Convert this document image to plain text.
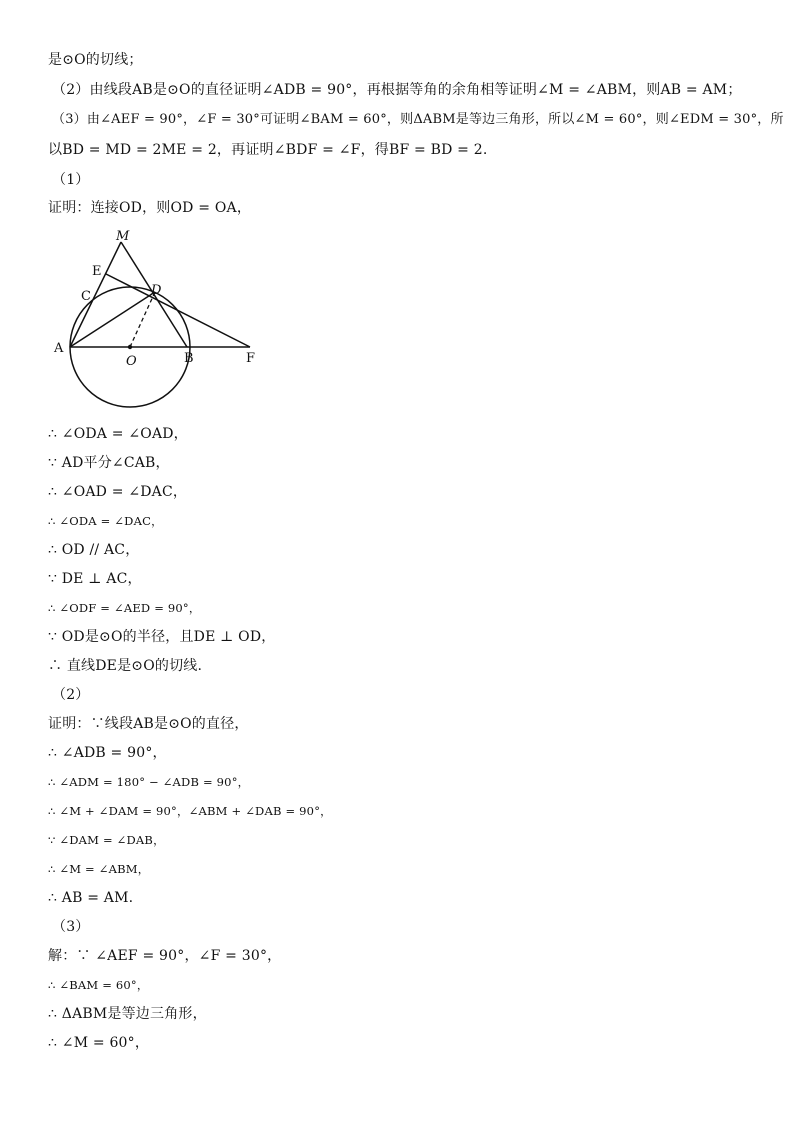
是⊙O的切线；
（2）由线段AB是⊙O的直径证明∠ADB = 90°，再根据等角的余角相等证明∠M = ∠ABM，则AB = AM；
（3）由∠AEF = 90°，∠F = 30°可证明∠BAM = 60°，则ΔABM是等边三角形，所以∠M = 60°，则∠EDM = 30°，所
以BD = MD = 2ME = 2，再证明∠BDF = ∠F，得BF = BD = 2.
（1）
证明：连接OD，则OD = OA，
M
E
C	D
A
O	B	F
∴ ∠ODA = ∠OAD，
∵ AD平分∠CAB，
∴ ∠OAD = ∠DAC，
∴ ∠ODA = ∠DAC，
∴ OD // AC，
∵ DE ⊥ AC，
∴ ∠ODF = ∠AED = 90°，
∵ OD是⊙O的半径，且DE ⊥ OD，
∴ 直线DE是⊙O的切线.
（2）
证明：∵线段AB是⊙O的直径，
∴ ∠ADB = 90°，
∴ ∠ADM = 180° − ∠ADB = 90°，
∴ ∠M + ∠DAM = 90°，∠ABM + ∠DAB = 90°，
∵ ∠DAM = ∠DAB，
∴ ∠M = ∠ABM，
∴ AB = AM.
（3）
解：∵ ∠AEF = 90°，∠F = 30°，
∴ ∠BAM = 60°，
∴ ΔABM是等边三角形，
∴ ∠M = 60°，
